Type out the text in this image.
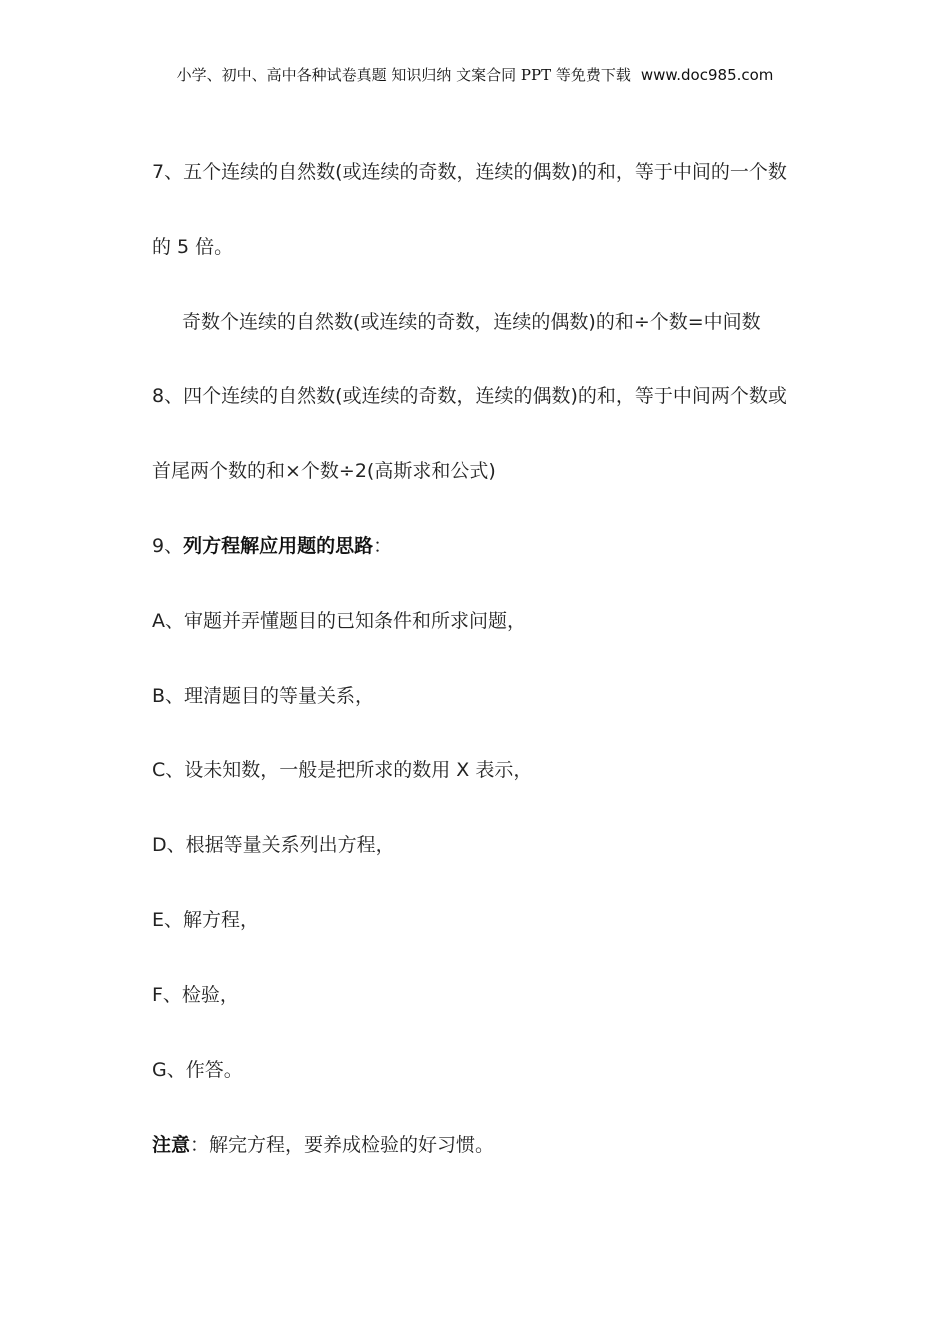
小学、初中、高中各种试卷真题 知识归纳 文案合同 PPT 等免费下载 www.doc985.com
7、五个连续的自然数(或连续的奇数，连续的偶数)的和，等于中间的一个数
的 5 倍。
奇数个连续的自然数(或连续的奇数，连续的偶数)的和÷个数=中间数
8、四个连续的自然数(或连续的奇数，连续的偶数)的和，等于中间两个数或
首尾两个数的和×个数÷2(高斯求和公式)
9、列方程解应用题的思路：
A、审题并弄懂题目的已知条件和所求问题，
B、理清题目的等量关系，
C、设未知数，一般是把所求的数用 X 表示，
D、根据等量关系列出方程，
E、解方程，
F、检验，
G、作答。
注意：解完方程，要养成检验的好习惯。
